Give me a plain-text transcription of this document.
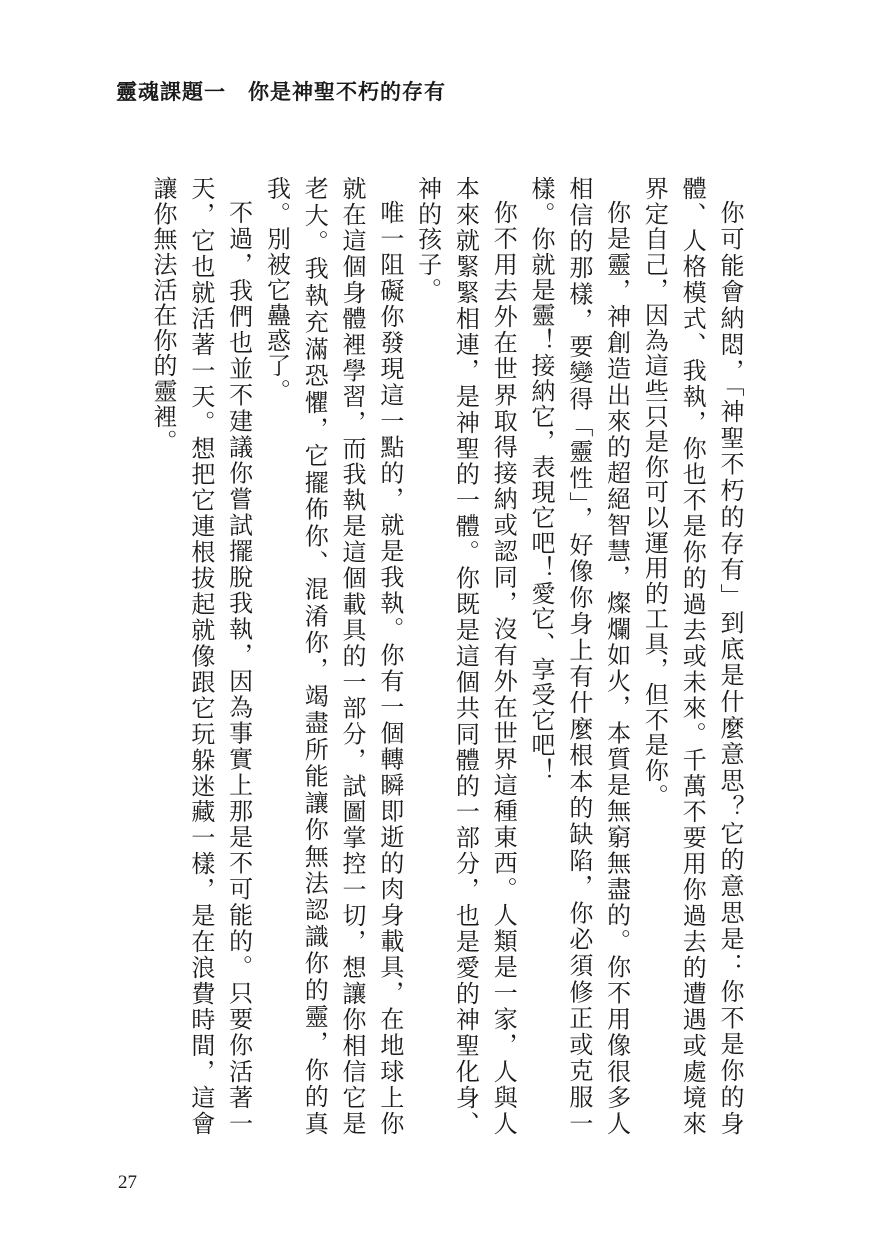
靈魂課題一 你是神聖不朽的存有

你可能會納悶，「神聖不朽的存有」到底是什麼意思？它的意思是：你不是你的身體、人格模式、我執，你也不是你的過去或未來。千萬不要用你過去的遭遇或處境來界定自己，因為這些只是你可以運用的工具，但不是你。

你是靈，神創造出來的超絕智慧，燦爛如火，本質是無窮無盡的。你不用像很多人相信的那樣，要變得「靈性」，好像你身上有什麼根本的缺陷，你必須修正或克服一樣。你就是靈！接納它，表現它吧！愛它、享受它吧！

你不用去外在世界取得接納或認同，沒有外在世界這種東西。人類是一家，人與人本來就緊緊相連，是神聖的一體。你既是這個共同體的一部分，也是愛的神聖化身、神的孩子。

唯一阻礙你發現這一點的，就是我執。你有一個轉瞬即逝的肉身載具，在地球上你就在這個身體裡學習，而我執是這個載具的一部分，試圖掌控一切，想讓你相信它是老大。我執充滿恐懼，它擺佈你、混淆你，竭盡所能讓你無法認識你的靈，你的真我。別被它蠱惑了。

不過，我們也並不建議你嘗試擺脫我執，因為事實上那是不可能的。只要你活著一天，它也就活著一天。想把它連根拔起就像跟它玩躲迷藏一樣，是在浪費時間，這會讓你無法活在你的靈裡。

27
